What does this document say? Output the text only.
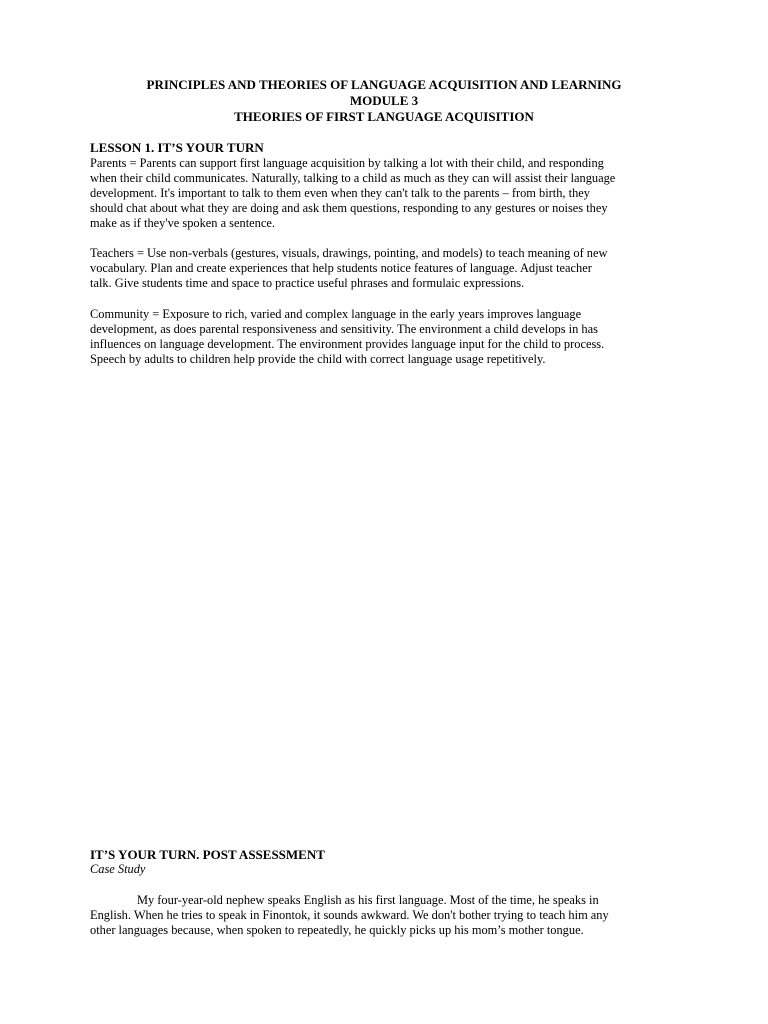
PRINCIPLES AND THEORIES OF LANGUAGE ACQUISITION AND LEARNING
MODULE 3
THEORIES OF FIRST LANGUAGE ACQUISITION
LESSON 1. IT’S YOUR TURN
Parents = Parents can support first language acquisition by talking a lot with their child, and responding
when their child communicates. Naturally, talking to a child as much as they can will assist their language
development. It's important to talk to them even when they can't talk to the parents – from birth, they
should chat about what they are doing and ask them questions, responding to any gestures or noises they
make as if they've spoken a sentence.
Teachers = Use non-verbals (gestures, visuals, drawings, pointing, and models) to teach meaning of new
vocabulary. Plan and create experiences that help students notice features of language. Adjust teacher
talk. Give students time and space to practice useful phrases and formulaic expressions.
Community = Exposure to rich, varied and complex language in the early years improves language
development, as does parental responsiveness and sensitivity. The environment a child develops in has
influences on language development. The environment provides language input for the child to process.
Speech by adults to children help provide the child with correct language usage repetitively.
IT’S YOUR TURN. POST ASSESSMENT
Case Study
My four-year-old nephew speaks English as his first language. Most of the time, he speaks in
English. When he tries to speak in Finontok, it sounds awkward. We don't bother trying to teach him any
other languages because, when spoken to repeatedly, he quickly picks up his mom’s mother tongue.
